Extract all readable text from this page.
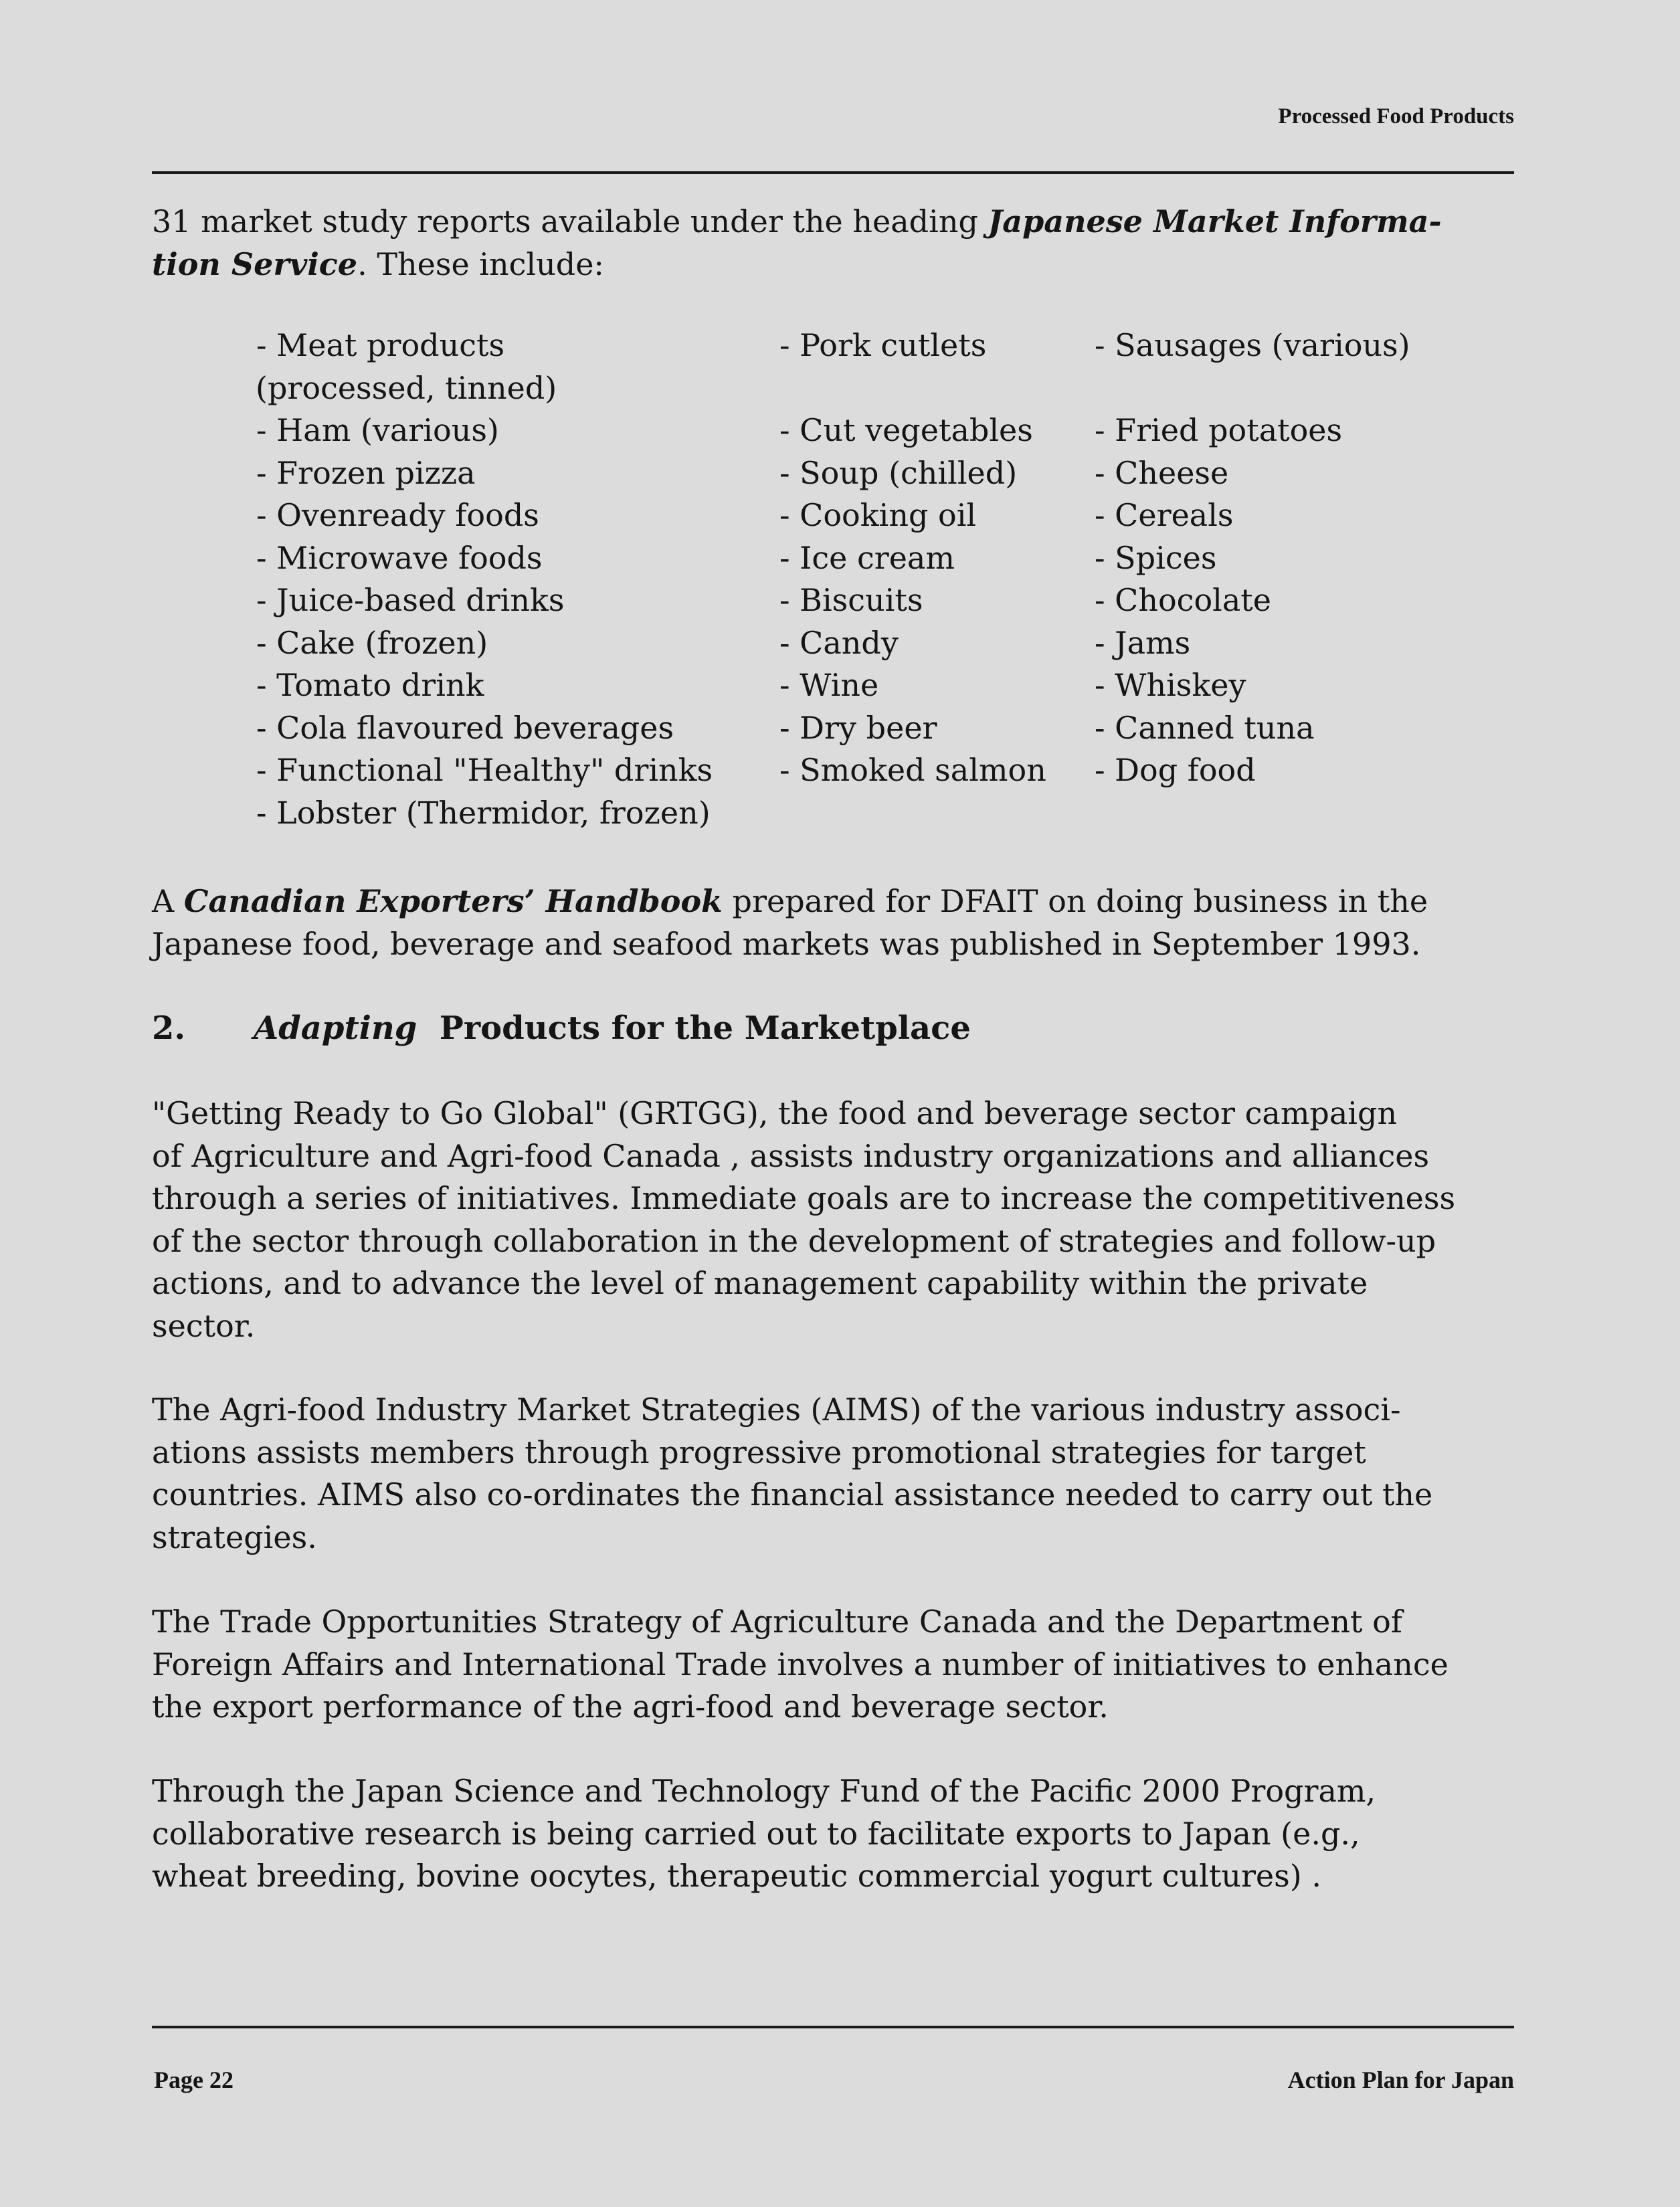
Processed Food Products
31 market study reports available under the heading Japanese Market Informa-
tion Service. These include:
- Meat products	- Pork cutlets	- Sausages (various)
(processed, tinned)
- Ham (various)	- Cut vegetables - Fried potatoes
- Frozen pizza	- Soup (chilled)	- Cheese
- Ovenready foods	- Cooking oil	- Cereals
- Microwave foods	- Ice cream	- Spices
- Juice-based drinks	- Biscuits	- Chocolate
- Cake (frozen)	- Candy	- Jams
- Tomato drink	- Wine	- Whiskey
- Cola flavoured beverages	- Dry beer	- Canned tuna
- Functional "Healthy" drinks - Smoked salmon - Dog food
- Lobster (Thermidor, frozen)
A Canadian Exporters’ Handbook prepared for DFAIT on doing business in the
Japanese food, beverage and seafood markets was published in September 1993.
2. Adapting  Products for the Marketplace
"Getting Ready to Go Global" (GRTGG), the food and beverage sector campaign
of Agriculture and Agri-food Canada , assists industry organizations and alliances
through a series of initiatives. Immediate goals are to increase the competitiveness
of the sector through collaboration in the development of strategies and follow-up
actions, and to advance the level of management capability within the private
sector.
The Agri-food Industry Market Strategies (AIMS) of the various industry associ-
ations assists members through progressive promotional strategies for target
countries. AIMS also co-ordinates the financial assistance needed to carry out the
strategies.
The Trade Opportunities Strategy of Agriculture Canada and the Department of
Foreign Affairs and International Trade involves a number of initiatives to enhance
the export performance of the agri-food and beverage sector.
Through the Japan Science and Technology Fund of the Pacific 2000 Program,
collaborative research is being carried out to facilitate exports to Japan (e.g.,
wheat breeding, bovine oocytes, therapeutic commercial yogurt cultures) .
Page 22	Action Plan for Japan
